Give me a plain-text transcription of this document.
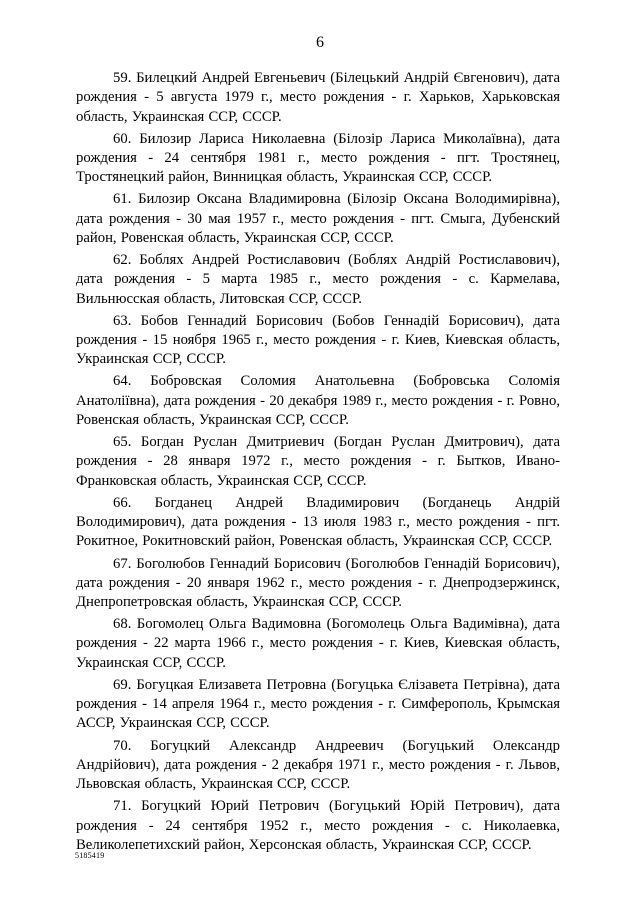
6

59. Билецкий Андрей Евгеньевич (Білецький Андрій Євгенович), дата рождения - 5 августа 1979 г., место рождения - г. Харьков, Харьковская область, Украинская ССР, СССР.

60. Билозир Лариса Николаевна (Білозір Лариса Миколаївна), дата рождения - 24 сентября 1981 г., место рождения - пгт. Тростянец, Тростянецкий район, Винницкая область, Украинская ССР, СССР.

61. Билозир Оксана Владимировна (Білозір Оксана Володимирівна), дата рождения - 30 мая 1957 г., место рождения - пгт. Смыга, Дубенский район, Ровенская область, Украинская ССР, СССР.

62. Боблях Андрей Ростиславович (Боблях Андрій Ростиславович), дата рождения - 5 марта 1985 г., место рождения - с. Кармелава, Вильнюсская область, Литовская ССР, СССР.

63. Бобов Геннадий Борисович (Бобов Геннадій Борисович), дата рождения - 15 ноября 1965 г., место рождения - г. Киев, Киевская область, Украинская ССР, СССР.

64. Бобровская Соломия Анатольевна (Бобровська Соломія Анатоліївна), дата рождения - 20 декабря 1989 г., место рождения - г. Ровно, Ровенская область, Украинская ССР, СССР.

65. Богдан Руслан Дмитриевич (Богдан Руслан Дмитрович), дата рождения - 28 января 1972 г., место рождения - г. Бытков, Ивано-Франковская область, Украинская ССР, СССР.

66. Богданец Андрей Владимирович (Богданець Андрій Володимирович), дата рождения - 13 июля 1983 г., место рождения - пгт. Рокитное, Рокитновский район, Ровенская область, Украинская ССР, СССР.

67. Боголюбов Геннадий Борисович (Боголюбов Геннадій Борисович), дата рождения - 20 января 1962 г., место рождения - г. Днепродзержинск, Днепропетровская область, Украинская ССР, СССР.

68. Богомолец Ольга Вадимовна (Богомолець Ольга Вадимівна), дата рождения - 22 марта 1966 г., место рождения - г. Киев, Киевская область, Украинская ССР, СССР.

69. Богуцкая Елизавета Петровна (Богуцька Єлізавета Петрівна), дата рождения - 14 апреля 1964 г., место рождения - г. Симферополь, Крымская АССР, Украинская ССР, СССР.

70. Богуцкий Александр Андреевич (Богуцький Олександр Андрійович), дата рождения - 2 декабря 1971 г., место рождения - г. Львов, Львовская область, Украинская ССР, СССР.

71. Богуцкий Юрий Петрович (Богуцький Юрій Петрович), дата рождения - 24 сентября 1952 г., место рождения - с. Николаевка, Великолепетихский район, Херсонская область, Украинская ССР, СССР.

5185419
